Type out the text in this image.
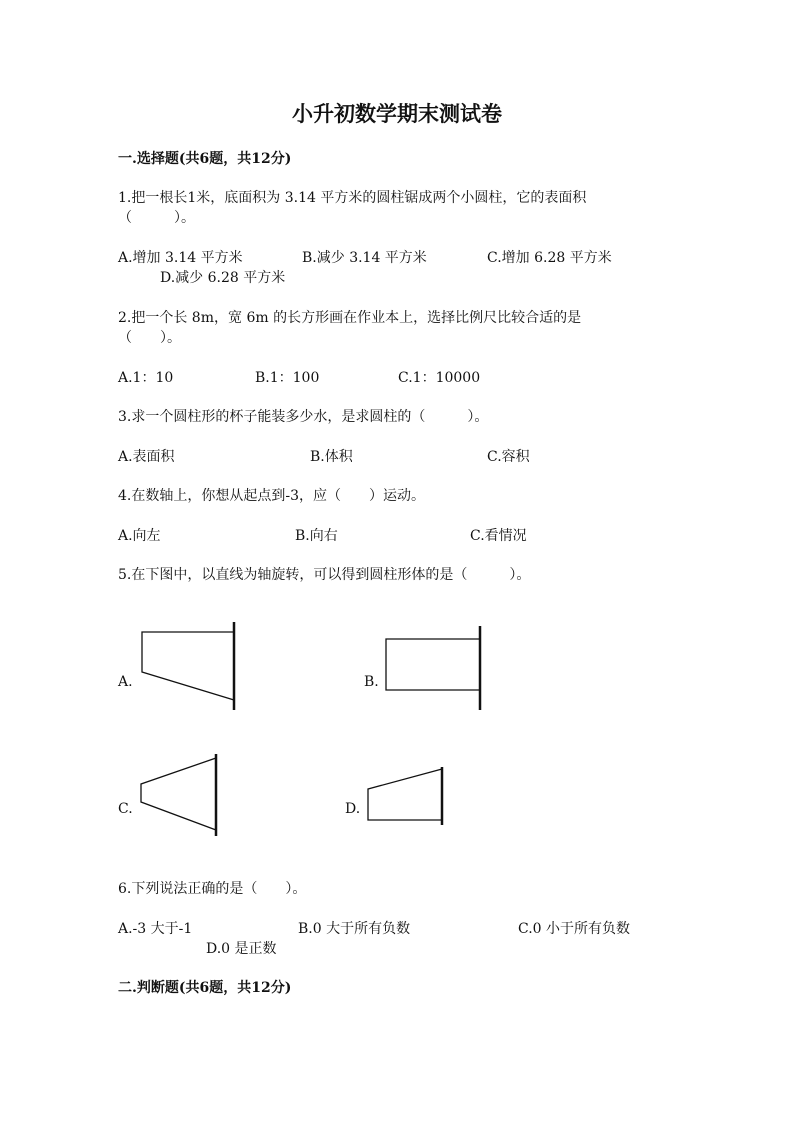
小升初数学期末测试卷
一.选择题(共6题，共12分)
1.把一根长1米，底面积为 3.14 平方米的圆柱锯成两个小圆柱，它的表面积
（　　　）。
A.增加 3.14 平方米	B.减少 3.14 平方米	C.增加 6.28 平方米
D.减少 6.28 平方米
2.把一个长 8m，宽 6m 的长方形画在作业本上，选择比例尺比较合适的是
（　　）。
A.1：10	B.1：100	C.1：10000
3.求一个圆柱形的杯子能装多少水，是求圆柱的（　　　）。
A.表面积	B.体积	C.容积
4.在数轴上，你想从起点到-3，应（　　）运动。
A.向左	B.向右	C.看情况
5.在下图中，以直线为轴旋转，可以得到圆柱形体的是（　　　）。
A.	B.
C.	D.
6.下列说法正确的是（　　）。
A.-3 大于-1	B.0 大于所有负数	C.0 小于所有负数
D.0 是正数
二.判断题(共6题，共12分)
